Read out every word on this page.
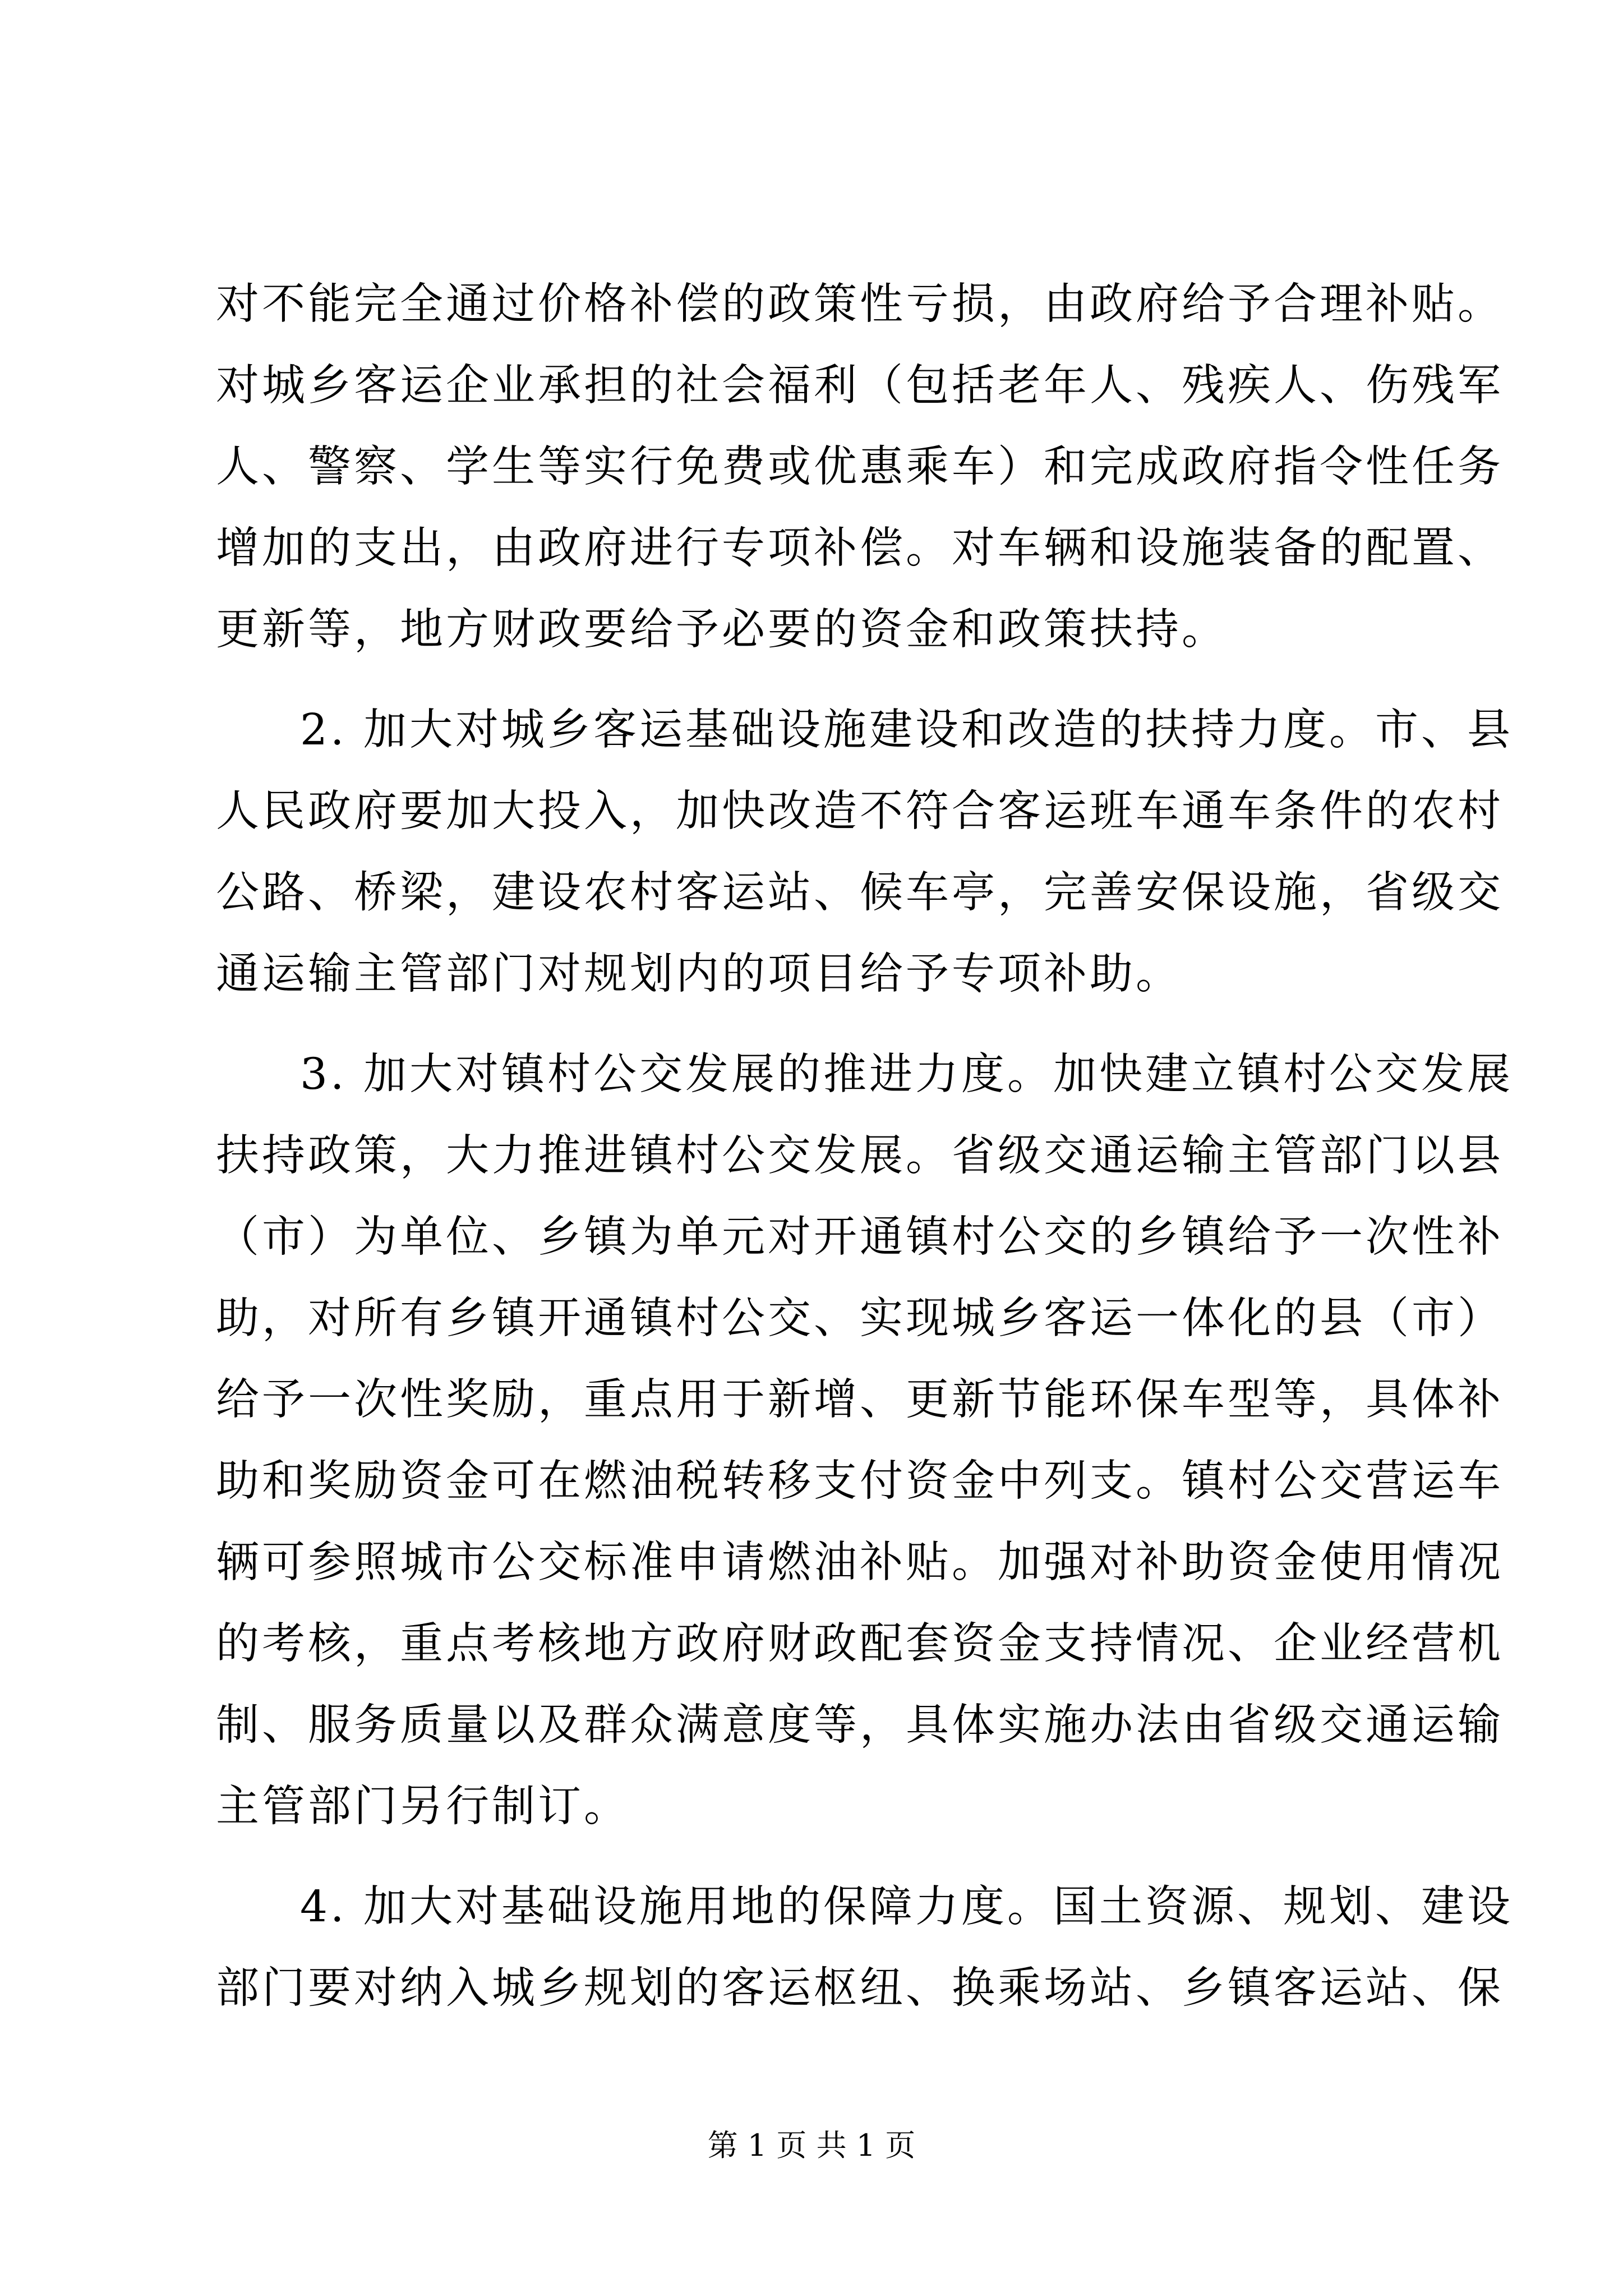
对不能完全通过价格补偿的政策性亏损，由政府给予合理补贴。
对城乡客运企业承担的社会福利（包括老年人、残疾人、伤残军
人、警察、学生等实行免费或优惠乘车）和完成政府指令性任务
增加的支出，由政府进行专项补偿。对车辆和设施装备的配置、
更新等，地方财政要给予必要的资金和政策扶持。
2. 加大对城乡客运基础设施建设和改造的扶持力度。市、县
人民政府要加大投入，加快改造不符合客运班车通车条件的农村
公路、桥梁，建设农村客运站、候车亭，完善安保设施，省级交
通运输主管部门对规划内的项目给予专项补助。
3. 加大对镇村公交发展的推进力度。加快建立镇村公交发展
扶持政策，大力推进镇村公交发展。省级交通运输主管部门以县
（市）为单位、乡镇为单元对开通镇村公交的乡镇给予一次性补
助，对所有乡镇开通镇村公交、实现城乡客运一体化的县（市）
给予一次性奖励，重点用于新增、更新节能环保车型等，具体补
助和奖励资金可在燃油税转移支付资金中列支。镇村公交营运车
辆可参照城市公交标准申请燃油补贴。加强对补助资金使用情况
的考核，重点考核地方政府财政配套资金支持情况、企业经营机
制、服务质量以及群众满意度等，具体实施办法由省级交通运输
主管部门另行制订。
4. 加大对基础设施用地的保障力度。国土资源、规划、建设
部门要对纳入城乡规划的客运枢纽、换乘场站、乡镇客运站、保
第 1 页 共 1 页
